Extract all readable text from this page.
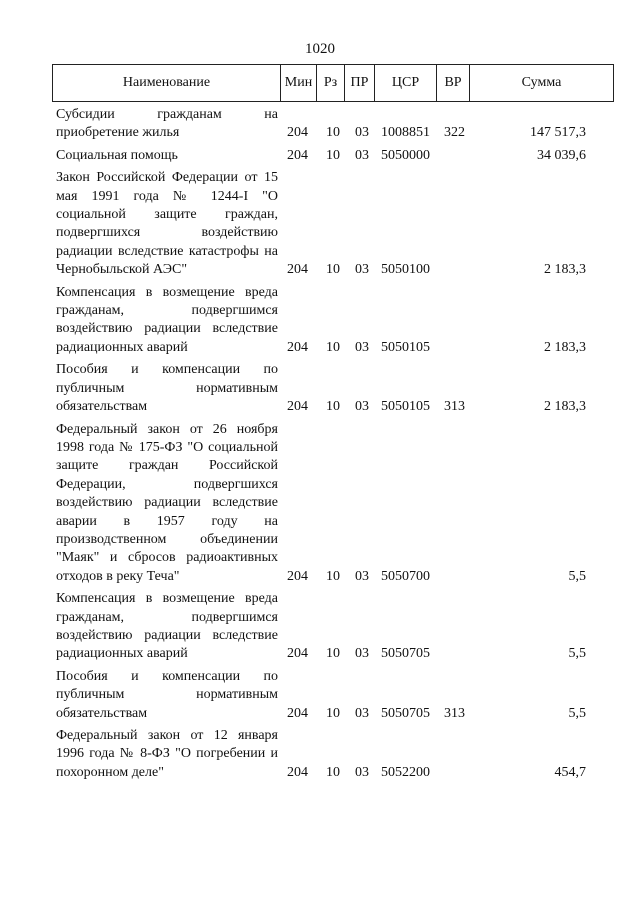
1020
Наименование	Мин Рз ПР	ЦСР	ВР	Сумма
Субсидии гражданам на приобретение жилья	204	10	03 1008851	322	147 517,3
Социальная помощь	204	10	03 5050000	34 039,6
Закон Российской Федерации от 15 мая 1991 года № 1244-I "О социальной защите граждан, подвергшихся воздействию радиации вследствие катастрофы на Чернобыльской АЭС"	204	10	03 5050100	2 183,3
Компенсация в возмещение вреда гражданам, подвергшимся воздействию радиации вследствие радиационных аварий	204	10	03 5050105	2 183,3
Пособия и компенсации по публичным нормативным обязательствам	204	10	03 5050105	313	2 183,3
Федеральный закон от 26 ноября 1998 года № 175-ФЗ "О социальной защите граждан Российской Федерации, подвергшихся воздействию радиации вследствие аварии в 1957 году на производственном объединении "Маяк" и сбросов радиоактивных отходов в реку Теча"	204	10	03 5050700	5,5
Компенсация в возмещение вреда гражданам, подвергшимся воздействию радиации вследствие радиационных аварий	204	10	03 5050705	5,5
Пособия и компенсации по публичным нормативным обязательствам	204	10	03 5050705	313	5,5
Федеральный закон от 12 января 1996 года № 8-ФЗ "О погребении и похоронном деле"	204	10	03 5052200	454,7
